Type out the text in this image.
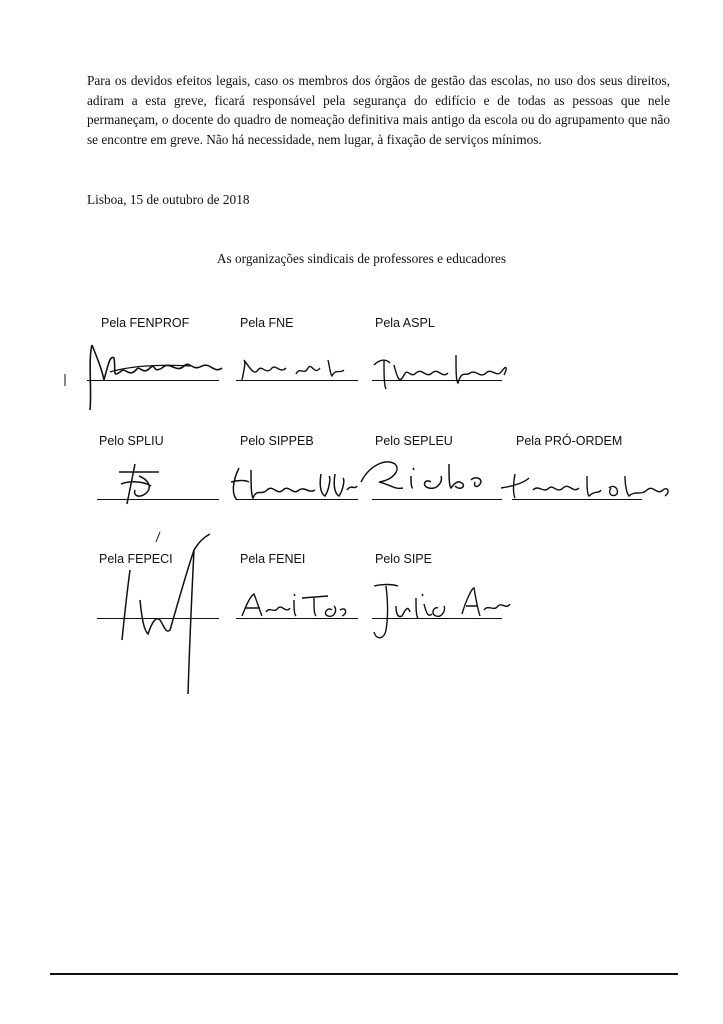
Para os devidos efeitos legais, caso os membros dos órgãos de gestão das escolas, no uso dos seus direitos, adiram a esta greve, ficará responsável pela segurança do edifício e de todas as pessoas que nele permaneçam, o docente do quadro de nomeação definitiva mais antigo da escola ou do agrupamento que não se encontre em greve. Não há necessidade, nem lugar, à fixação de serviços mínimos.

Lisboa, 15 de outubro de 2018
As organizações sindicais de professores e educadores
Pela FENPROF	Pela FNE	Pela ASPL
Pelo SPLIU	Pelo SIPPEB	Pelo SEPLEU	Pela PRÓ-ORDEM
Pela FEPECI	Pela FENEI	Pelo SIPE
